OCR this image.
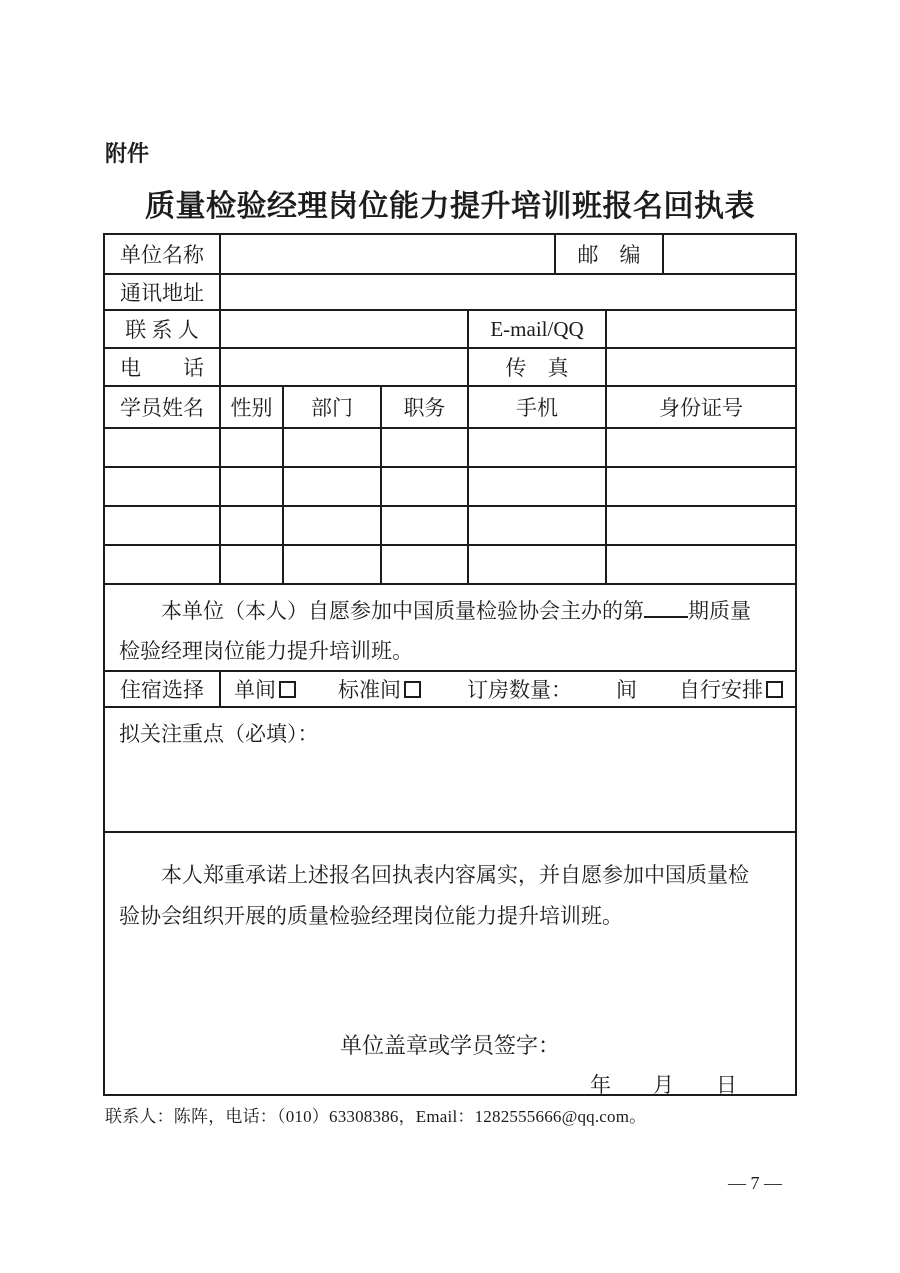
附件
质量检验经理岗位能力提升培训班报名回执表
单位名称	邮　编
通讯地址
联 系 人	E-mail/QQ
电　　话	传　真
学员姓名	性别	部门	职务	手机	身份证号
本单位（本人）自愿参加中国质量检验协会主办的第 期质量
检验经理岗位能力提升培训班。
住宿选择	单间	标准间	订房数量： 间 自行安排
拟关注重点（必填）：
本人郑重承诺上述报名回执表内容属实，并自愿参加中国质量检
验协会组织开展的质量检验经理岗位能力提升培训班。
单位盖章或学员签字：
年　　月　　日
联系人：陈阵，电话：（010）63308386，Email：1282555666@qq.com。
— 7 —
